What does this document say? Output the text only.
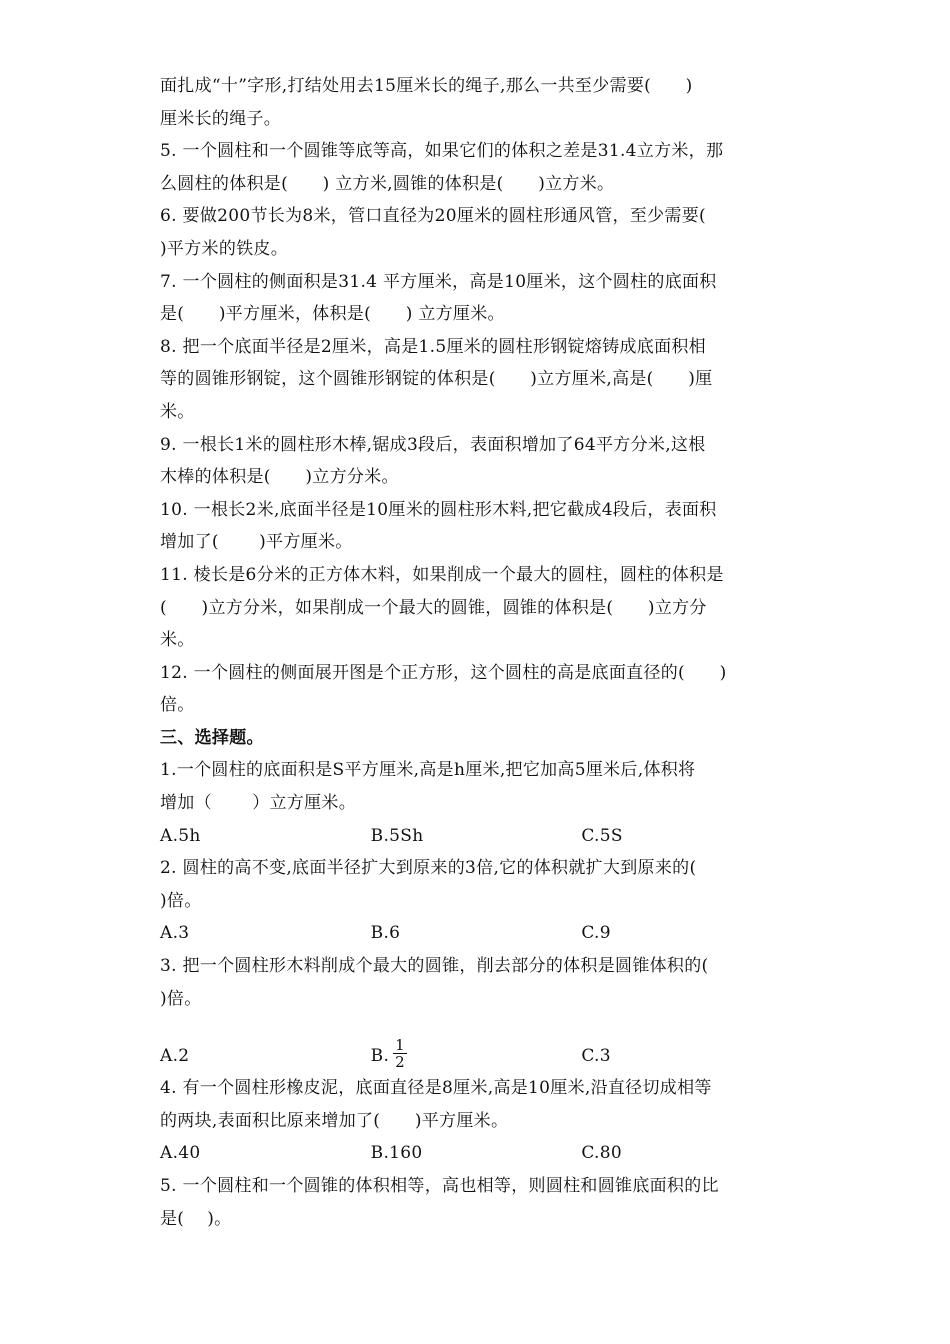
面扎成“十”字形,打结处用去15厘米长的绳子,那么一共至少需要(　　)
厘米长的绳子。
5. 一个圆柱和一个圆锥等底等高，如果它们的体积之差是31.4立方米，那
么圆柱的体积是(　　) 立方米,圆锥的体积是(　　)立方米。
6. 要做200节长为8米，管口直径为20厘米的圆柱形通风管，至少需要(
)平方米的铁皮。
7. 一个圆柱的侧面积是31.4 平方厘米，高是10厘米，这个圆柱的底面积
是(　　)平方厘米，体积是(　　) 立方厘米。
8. 把一个底面半径是2厘米，高是1.5厘米的圆柱形钢锭熔铸成底面积相
等的圆锥形钢锭，这个圆锥形钢锭的体积是(　　)立方厘米,高是(　　)厘
米。
9. 一根长1米的圆柱形木棒,锯成3段后，表面积增加了64平方分米,这根
木棒的体积是(　　)立方分米。
10. 一根长2米,底面半径是10厘米的圆柱形木料,把它截成4段后，表面积
增加了(　　 )平方厘米。
11. 棱长是6分米的正方体木料，如果削成一个最大的圆柱，圆柱的体积是
(　　)立方分米，如果削成一个最大的圆锥，圆锥的体积是(　　)立方分
米。
12. 一个圆柱的侧面展开图是个正方形，这个圆柱的高是底面直径的(　　)
倍。
三、选择题。
1.一个圆柱的底面积是S平方厘米,高是h厘米,把它加高5厘米后,体积将
增加（　　 ）立方厘米。
A.5h	B.5Sh	C.5S
2. 圆柱的高不变,底面半径扩大到原来的3倍,它的体积就扩大到原来的(
)倍。
A.3	B.6	C.9
3. 把一个圆柱形木料削成个最大的圆锥，削去部分的体积是圆锥体积的(
)倍。
A.2	B. $\frac{1}{2}$	C.3
4. 有一个圆柱形橡皮泥，底面直径是8厘米,高是10厘米,沿直径切成相等
的两块,表面积比原来增加了(　　)平方厘米。
A.40	B.160	C.80
5. 一个圆柱和一个圆锥的体积相等，高也相等，则圆柱和圆锥底面积的比
是(　 )。
